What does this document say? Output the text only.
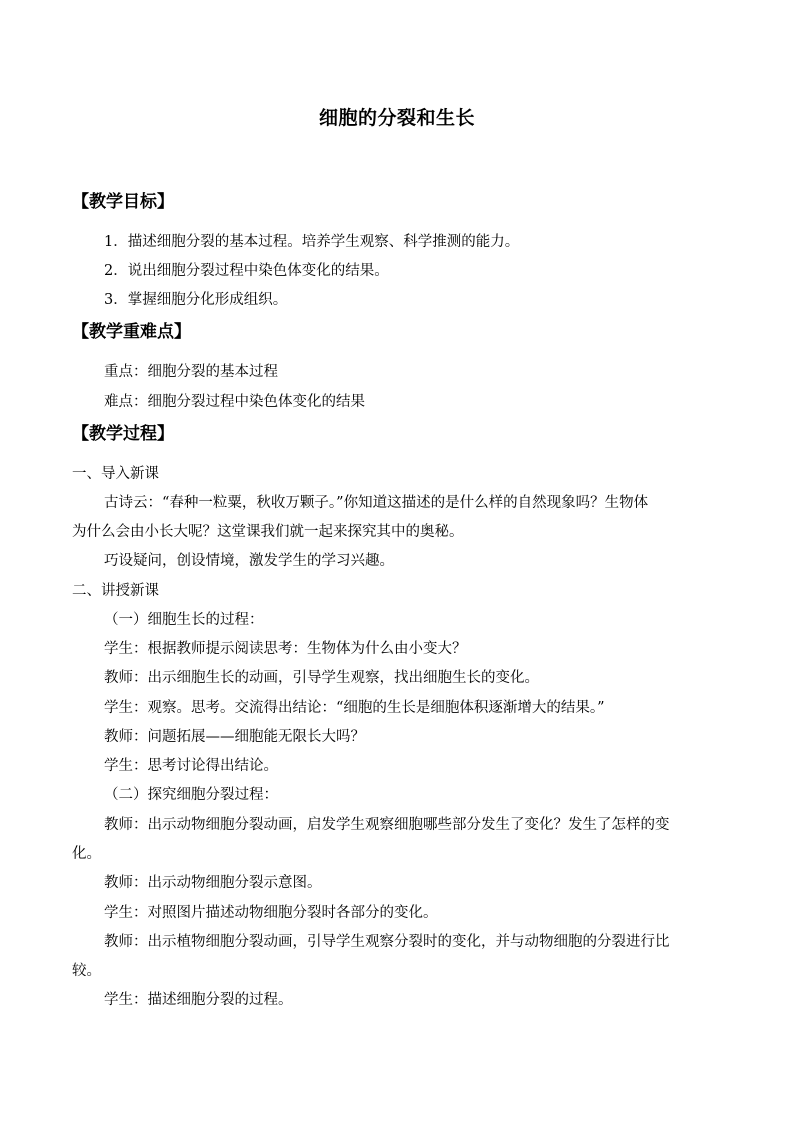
细胞的分裂和生长
【教学目标】

1．描述细胞分裂的基本过程。培养学生观察、科学推测的能力。

2．说出细胞分裂过程中染色体变化的结果。

3．掌握细胞分化形成组织。

【教学重难点】

重点：细胞分裂的基本过程

难点：细胞分裂过程中染色体变化的结果

【教学过程】

一、导入新课

古诗云：“春种一粒粟，秋收万颗子。”你知道这描述的是什么样的自然现象吗？生物体

为什么会由小长大呢？这堂课我们就一起来探究其中的奥秘。

巧设疑问，创设情境，激发学生的学习兴趣。

二、讲授新课

（一）细胞生长的过程：

学生：根据教师提示阅读思考：生物体为什么由小变大？

教师：出示细胞生长的动画，引导学生观察，找出细胞生长的变化。

学生：观察。思考。交流得出结论：“细胞的生长是细胞体积逐渐增大的结果。”

教师：问题拓展——细胞能无限长大吗？

学生：思考讨论得出结论。

（二）探究细胞分裂过程：

教师：出示动物细胞分裂动画，启发学生观察细胞哪些部分发生了变化？发生了怎样的变

化。

教师：出示动物细胞分裂示意图。

学生：对照图片描述动物细胞分裂时各部分的变化。

教师：出示植物细胞分裂动画，引导学生观察分裂时的变化，并与动物细胞的分裂进行比

较。

学生：描述细胞分裂的过程。
